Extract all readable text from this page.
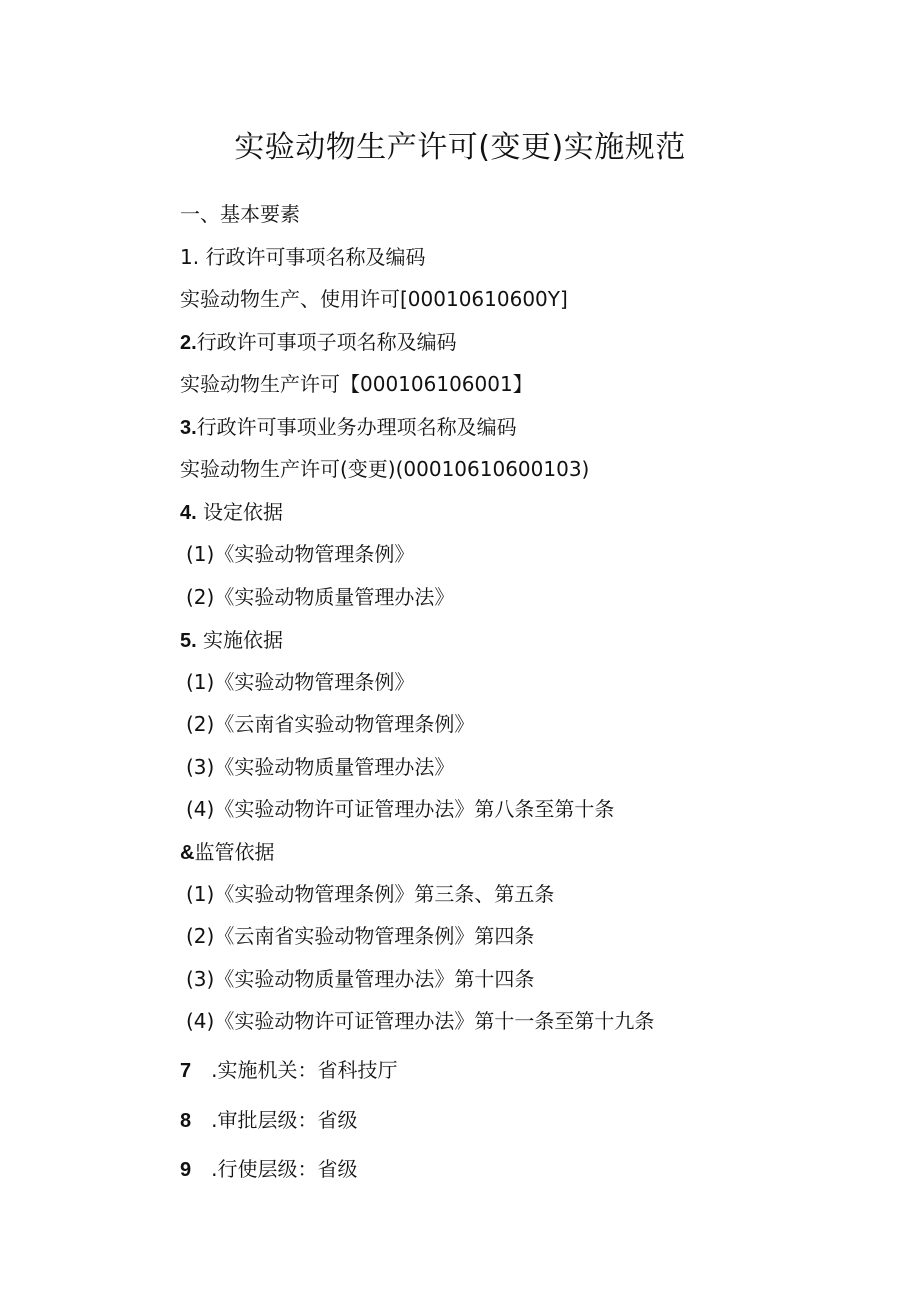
实验动物生产许可(变更)实施规范
一、基本要素
1. 行政许可事项名称及编码
实验动物生产、使用许可[00010610600Y]
2.行政许可事项子项名称及编码
实验动物生产许可【000106106001】
3.行政许可事项业务办理项名称及编码
实验动物生产许可(变更)(00010610600103)
4. 设定依据
(1)《实验动物管理条例》
(2)《实验动物质量管理办法》
5. 实施依据
(1)《实验动物管理条例》
(2)《云南省实验动物管理条例》
(3)《实验动物质量管理办法》
(4)《实验动物许可证管理办法》第八条至第十条
&监管依据
(1)《实验动物管理条例》第三条、第五条
(2)《云南省实验动物管理条例》第四条
(3)《实验动物质量管理办法》第十四条
(4)《实验动物许可证管理办法》第十一条至第十九条
7 .实施机关：省科技厅
8 .审批层级：省级
9 .行使层级：省级
